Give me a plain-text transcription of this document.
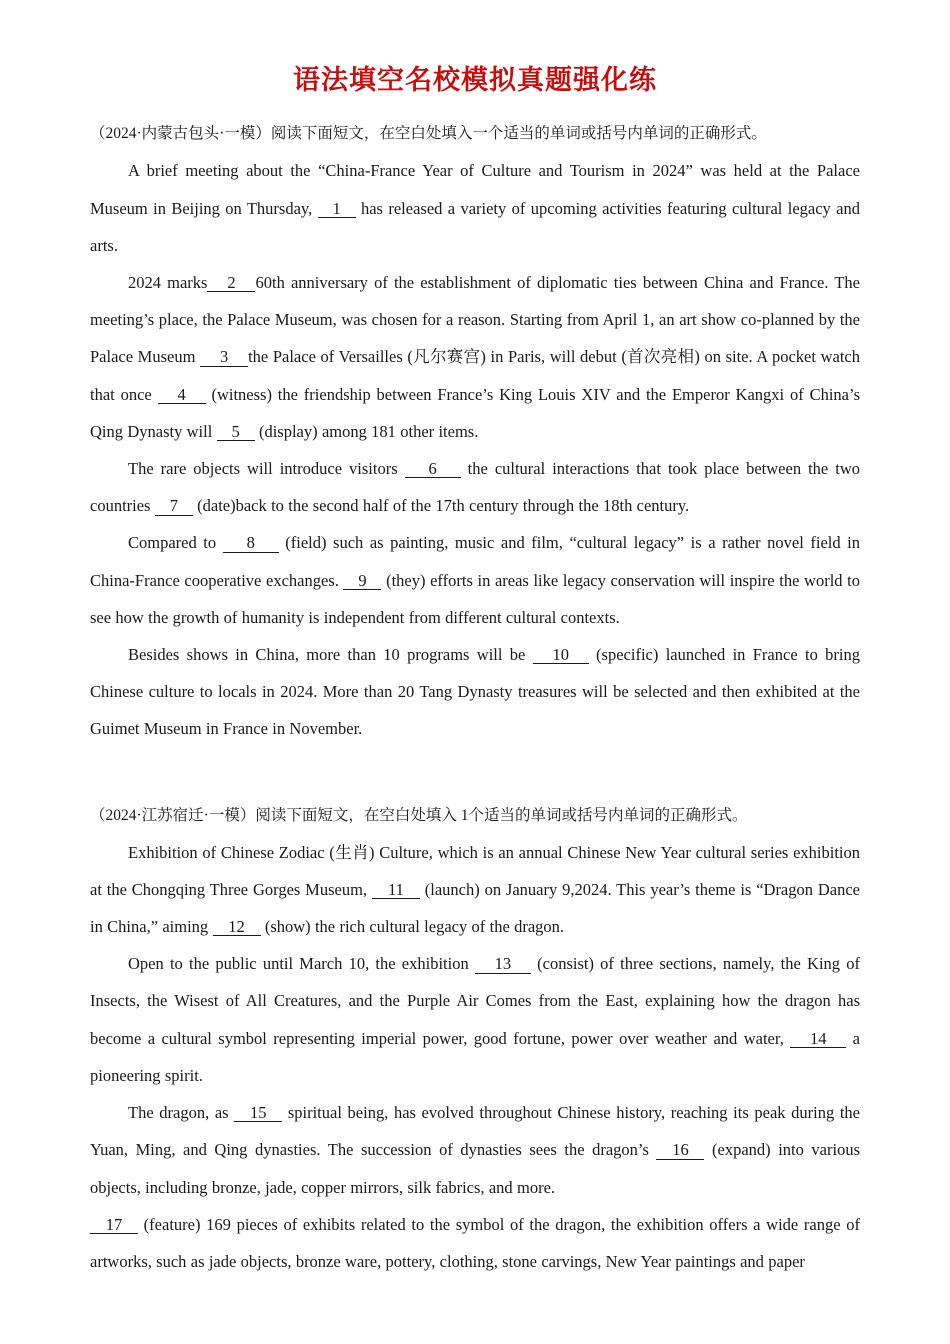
语法填空名校模拟真题强化练

（2024·内蒙古包头·一模）阅读下面短文，在空白处填入一个适当的单词或括号内单词的正确形式。

A brief meeting about the “China-France Year of Culture and Tourism in 2024” was held at the Palace Museum in Beijing on Thursday, 1 has released a variety of upcoming activities featuring cultural legacy and arts.

2024 marks 2 60th anniversary of the establishment of diplomatic ties between China and France. The meeting’s place, the Palace Museum, was chosen for a reason. Starting from April 1, an art show co-planned by the Palace Museum 3 the Palace of Versailles (凡尔赛宫) in Paris, will debut (首次亮相) on site. A pocket watch that once 4 (witness) the friendship between France’s King Louis XIV and the Emperor Kangxi of China’s Qing Dynasty will 5 (display) among 181 other items.

The rare objects will introduce visitors 6 the cultural interactions that took place between the two countries 7 (date)back to the second half of the 17th century through the 18th century.

Compared to 8 (field) such as painting, music and film, “cultural legacy” is a rather novel field in China-France cooperative exchanges. 9 (they) efforts in areas like legacy conservation will inspire the world to see how the growth of humanity is independent from different cultural contexts.

Besides shows in China, more than 10 programs will be 10 (specific) launched in France to bring Chinese culture to locals in 2024. More than 20 Tang Dynasty treasures will be selected and then exhibited at the Guimet Museum in France in November.

（2024·江苏宿迁·一模）阅读下面短文，在空白处填入 1个适当的单词或括号内单词的正确形式。

Exhibition of Chinese Zodiac (生肖) Culture, which is an annual Chinese New Year cultural series exhibition at the Chongqing Three Gorges Museum, 11 (launch) on January 9,2024. This year’s theme is “Dragon Dance in China,” aiming 12 (show) the rich cultural legacy of the dragon.

Open to the public until March 10, the exhibition 13 (consist) of three sections, namely, the King of Insects, the Wisest of All Creatures, and the Purple Air Comes from the East, explaining how the dragon has become a cultural symbol representing imperial power, good fortune, power over weather and water, 14 a pioneering spirit.

The dragon, as 15 spiritual being, has evolved throughout Chinese history, reaching its peak during the Yuan, Ming, and Qing dynasties. The succession of dynasties sees the dragon’s 16 (expand) into various objects, including bronze, jade, copper mirrors, silk fabrics, and more.

17 (feature) 169 pieces of exhibits related to the symbol of the dragon, the exhibition offers a wide range of artworks, such as jade objects, bronze ware, pottery, clothing, stone carvings, New Year paintings and paper
